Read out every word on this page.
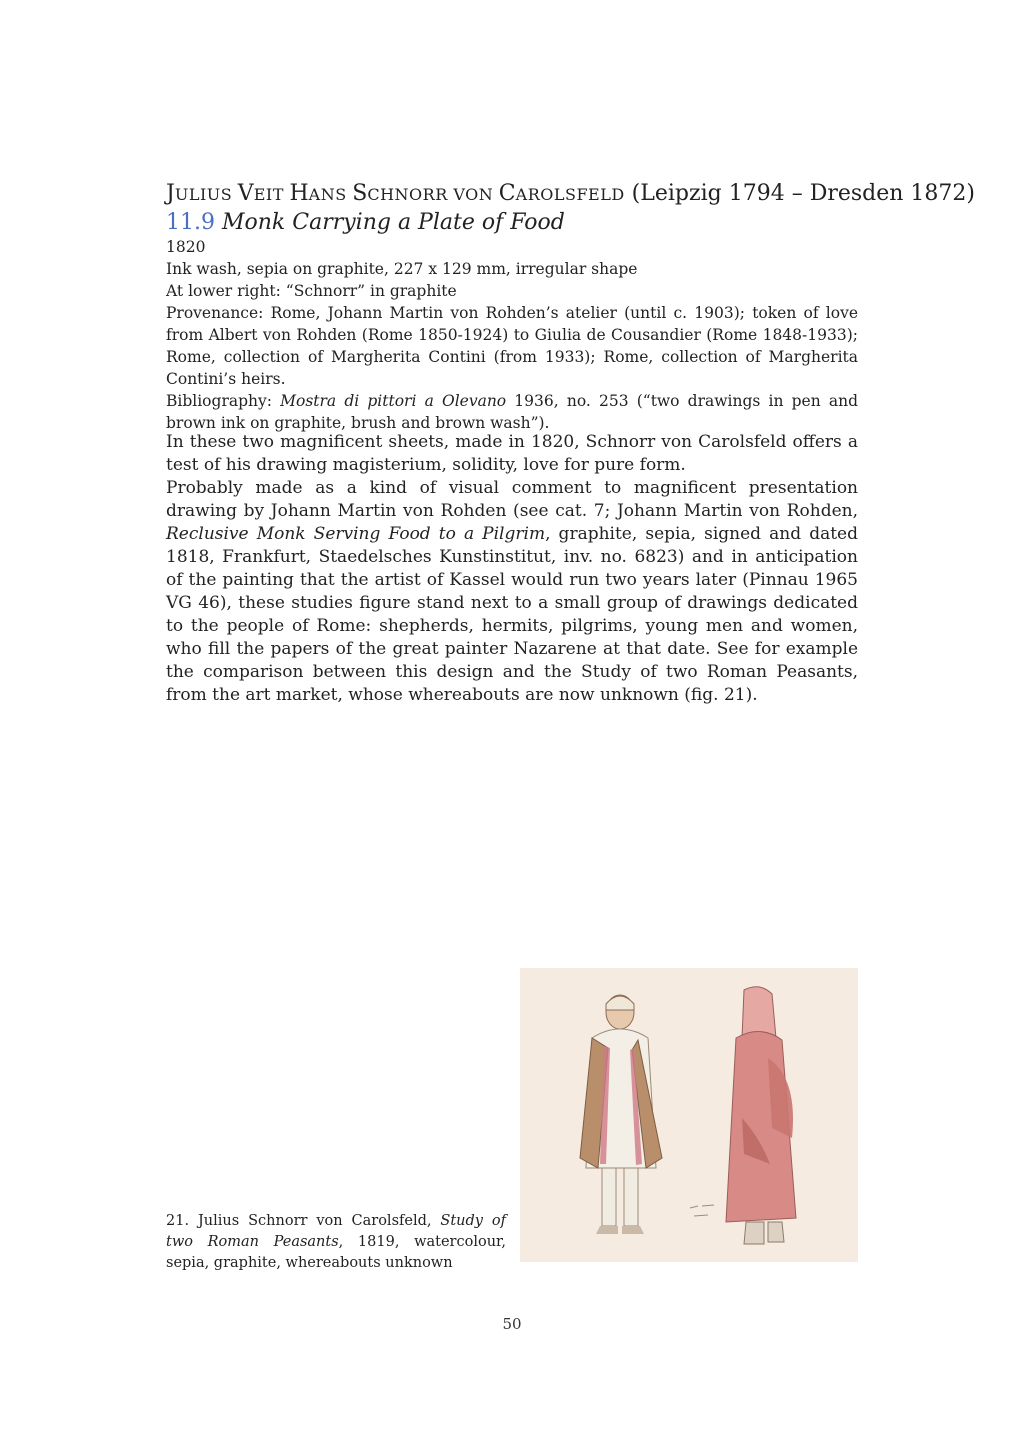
JULIUS VEIT HANS SCHNORR VON CAROLSFELD (Leipzig 1794 – Dresden 1872)

11.9 Monk Carrying a Plate of Food

1820
Ink wash, sepia on graphite, 227 x 129 mm, irregular shape
At lower right: “Schnorr” in graphite
Provenance: Rome, Johann Martin von Rohden’s atelier (until c. 1903); token of love from Albert von Rohden (Rome 1850-1924) to Giulia de Cousandier (Rome 1848-1933); Rome, collection of Margherita Contini (from 1933); Rome, collection of Margherita Contini’s heirs.
Bibliography: Mostra di pittori a Olevano 1936, no. 253 (“two drawings in pen and brown ink on graphite, brush and brown wash”).

In these two magnificent sheets, made in 1820, Schnorr von Carolsfeld offers a test of his drawing magisterium, solidity, love for pure form.

Probably made as a kind of visual comment to magnificent presentation drawing by Johann Martin von Rohden (see cat. 7; Johann Martin von Rohden, Reclusive Monk Serving Food to a Pilgrim, graphite, sepia, signed and dated 1818, Frankfurt, Staedelsches Kunstinstitut, inv. no. 6823) and in anticipation of the painting that the artist of Kassel would run two years later (Pinnau 1965 VG 46), these studies figure stand next to a small group of drawings dedicated to the people of Rome: shepherds, hermits, pilgrims, young men and women, who fill the papers of the great painter Nazarene at that date. See for example the comparison between this design and the Study of two Roman Peasants, from the art market, whose whereabouts are now unknown (fig. 21).

21. Julius Schnorr von Carolsfeld, Study of two Roman Peasants, 1819, watercolour, sepia, graphite, whereabouts unknown
50
